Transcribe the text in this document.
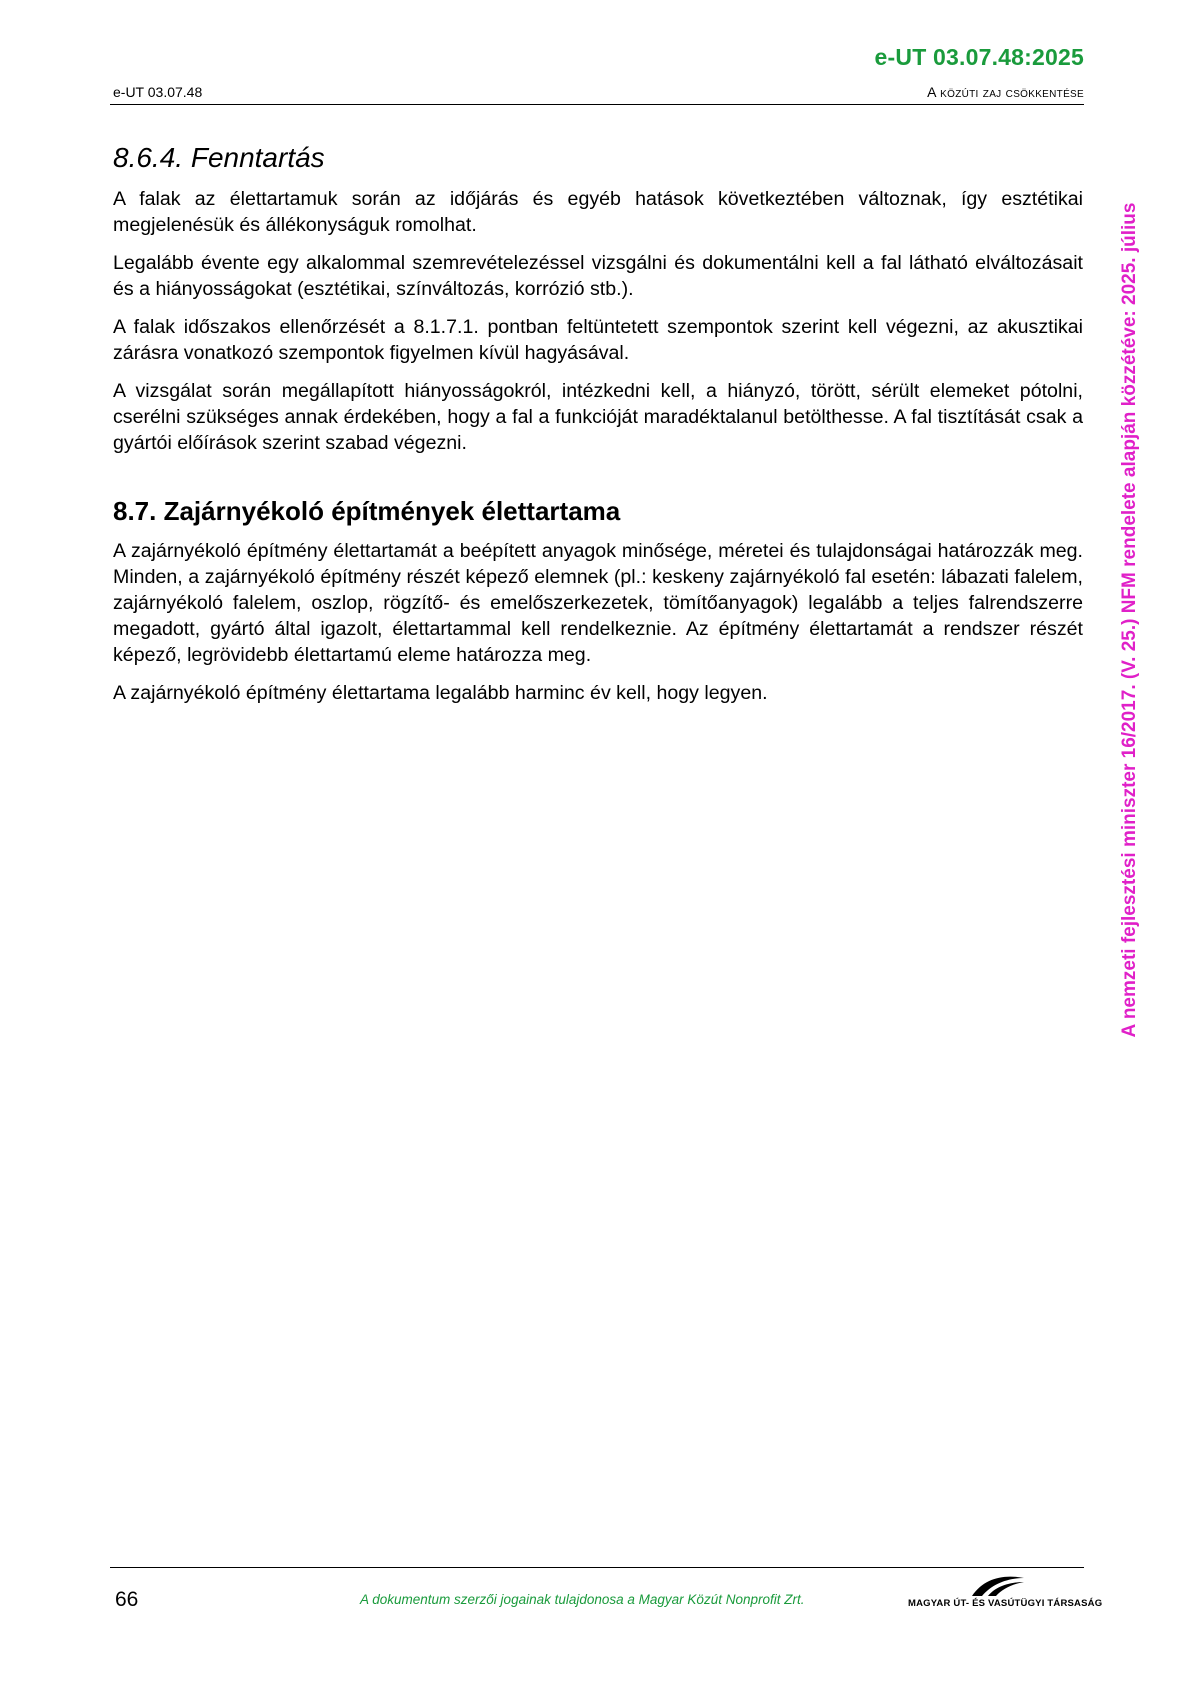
e-UT 03.07.48:2025
e-UT 03.07.48	A közúti zaj csökkentése
8.6.4. Fenntartás

A falak az élettartamuk során az időjárás és egyéb hatások következtében változnak, így esztétikai megjelenésük és állékonyságuk romolhat.

Legalább évente egy alkalommal szemrevételezéssel vizsgálni és dokumentálni kell a fal látható elváltozásait és a hiányosságokat (esztétikai, színváltozás, korrózió stb.).

A falak időszakos ellenőrzését a 8.1.7.1. pontban feltüntetett szempontok szerint kell végezni, az akusztikai zárásra vonatkozó szempontok figyelmen kívül hagyásával.

A vizsgálat során megállapított hiányosságokról, intézkedni kell, a hiányzó, törött, sérült elemeket pótolni, cserélni szükséges annak érdekében, hogy a fal a funkcióját maradéktalanul betölthesse. A fal tisztítását csak a gyártói előírások szerint szabad végezni.

8.7. Zajárnyékoló építmények élettartama

A zajárnyékoló építmény élettartamát a beépített anyagok minősége, méretei és tulajdonságai határozzák meg. Minden, a zajárnyékoló építmény részét képező elemnek (pl.: keskeny zajárnyékoló fal esetén: lábazati falelem, zajárnyékoló falelem, oszlop, rögzítő- és emelőszerkezetek, tömítőanyagok) legalább a teljes falrendszerre megadott, gyártó által igazolt, élettartammal kell rendelkeznie. Az építmény élettartamát a rendszer részét képező, legrövidebb élettartamú eleme határozza meg.

A zajárnyékoló építmény élettartama legalább harminc év kell, hogy legyen.	A nemzeti fejlesztési miniszter 16/2017. (V. 25.) NFM rendelete alapján közzétéve: 2025. július
66	A dokumentum szerzői jogainak tulajdonosa a Magyar Közút Nonprofit Zrt.	MAGYAR ÚT- ÉS VASÚTÜGYI TÁRSASÁG
